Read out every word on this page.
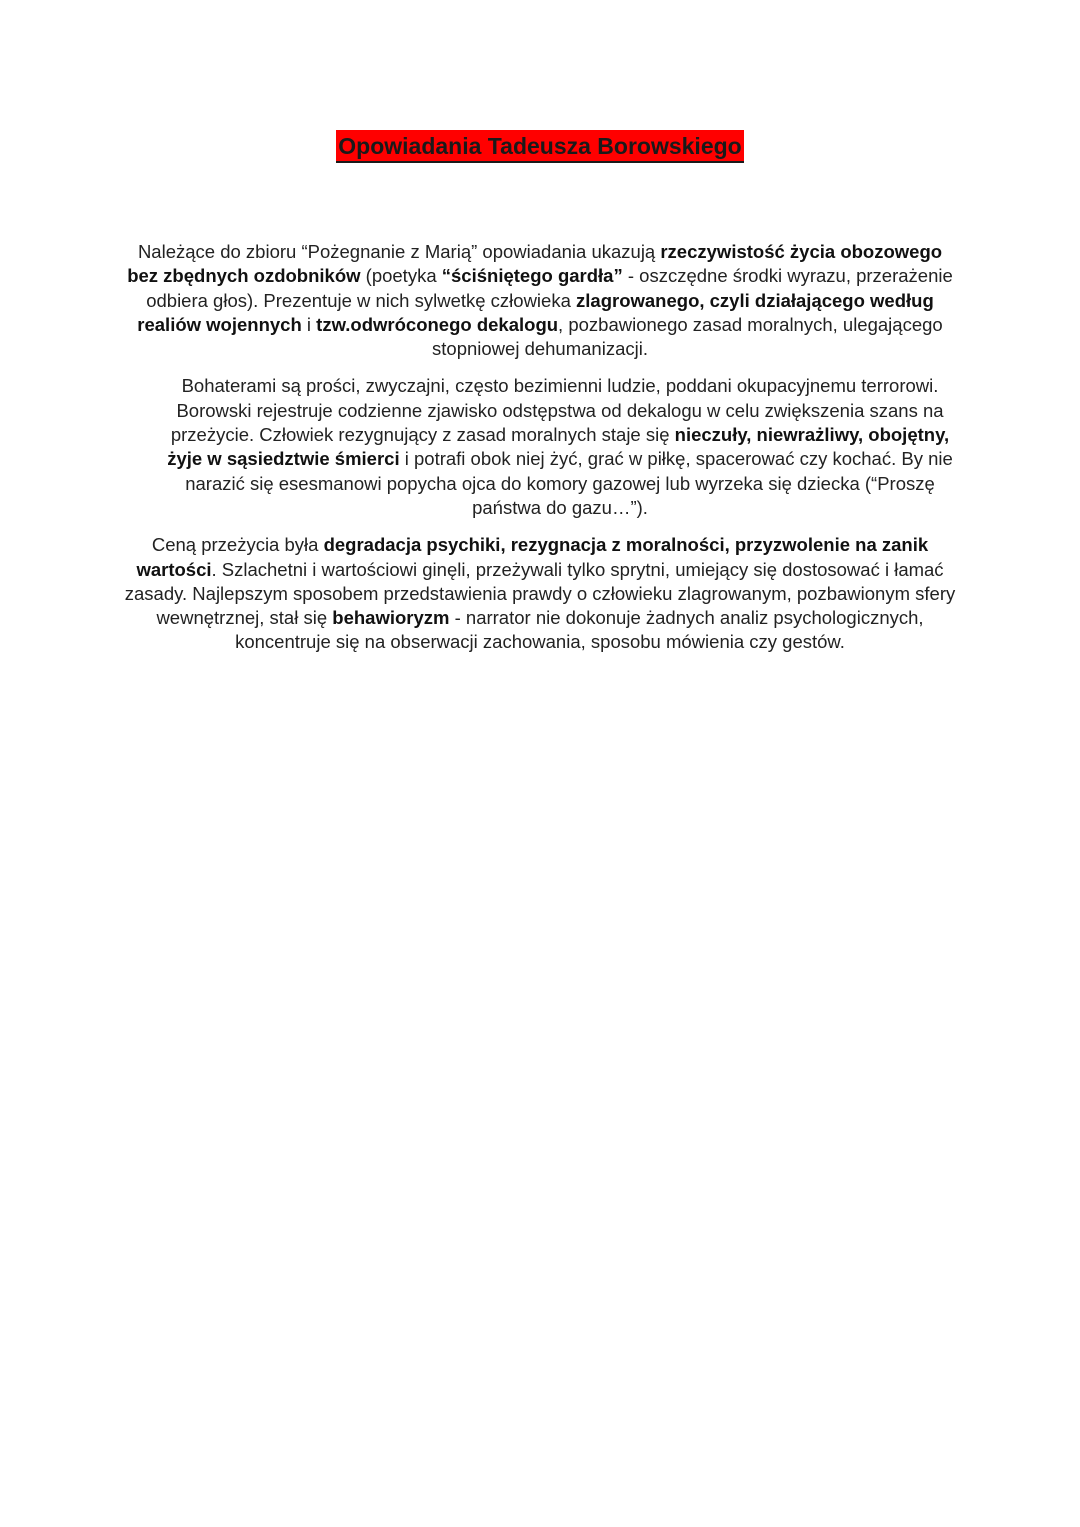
Opowiadania Tadeusza Borowskiego

Należące do zbioru “Pożegnanie z Marią” opowiadania ukazują rzeczywistość życia obozowego bez zbędnych ozdobników (poetyka “ściśniętego gardła” - oszczędne środki wyrazu, przerażenie odbiera głos). Prezentuje w nich sylwetkę człowieka zlagrowanego, czyli działającego według realiów wojennych i tzw.odwróconego dekalogu, pozbawionego zasad moralnych, ulegającego stopniowej dehumanizacji.

Bohaterami są prości, zwyczajni, często bezimienni ludzie, poddani okupacyjnemu terrorowi. Borowski rejestruje codzienne zjawisko odstępstwa od dekalogu w celu zwiększenia szans na przeżycie. Człowiek rezygnujący z zasad moralnych staje się nieczuły, niewrażliwy, obojętny, żyje w sąsiedztwie śmierci i potrafi obok niej żyć, grać w piłkę, spacerować czy kochać. By nie narazić się esesmanowi popycha ojca do komory gazowej lub wyrzeka się dziecka (“Proszę państwa do gazu…”).

Ceną przeżycia była degradacja psychiki, rezygnacja z moralności, przyzwolenie na zanik wartości. Szlachetni i wartościowi ginęli, przeżywali tylko sprytni, umiejący się dostosować i łamać zasady. Najlepszym sposobem przedstawienia prawdy o człowieku zlagrowanym, pozbawionym sfery wewnętrznej, stał się behawioryzm - narrator nie dokonuje żadnych analiz psychologicznych, koncentruje się na obserwacji zachowania, sposobu mówienia czy gestów.
